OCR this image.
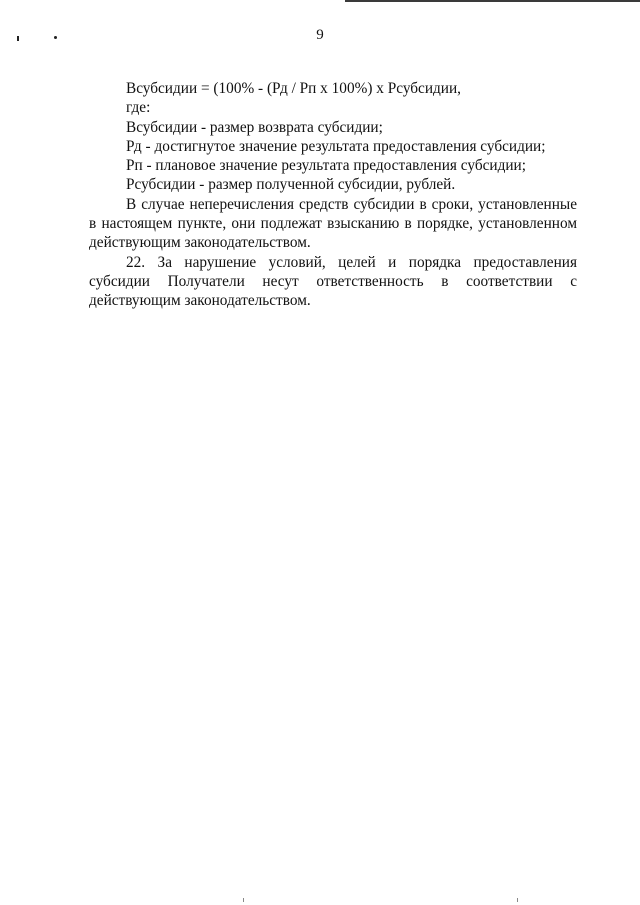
9
Всубсидии = (100% - (Рд / Рп х 100%) х Рсубсидии,
где:
Всубсидии - размер возврата субсидии;
Рд - достигнутое значение результата предоставления субсидии;
Рп - плановое значение результата предоставления субсидии;
Рсубсидии - размер полученной субсидии, рублей.

В случае неперечисления средств субсидии в сроки, установленные в настоящем пункте, они подлежат взысканию в порядке, установленном действующим законодательством.

22. За нарушение условий, целей и порядка предоставления субсидии Получатели несут ответственность в соответствии с действующим законодательством.
